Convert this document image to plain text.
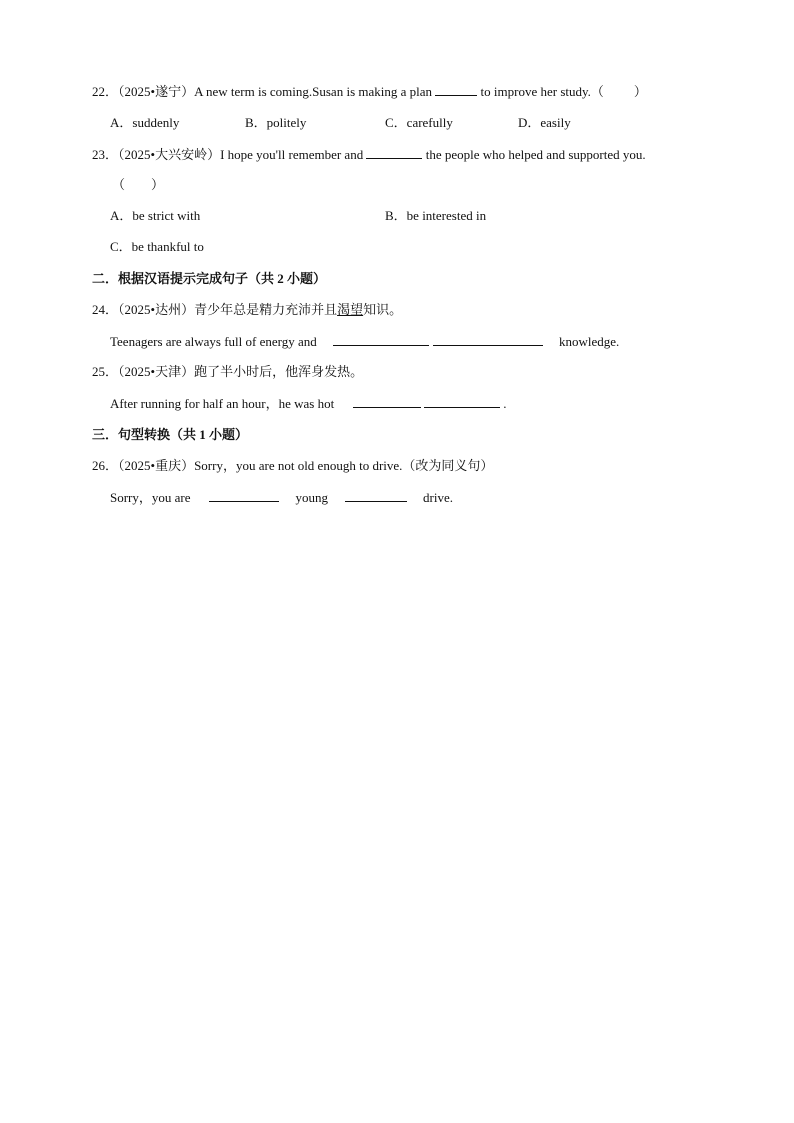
22．（2025•遂宁）A new term is coming.Susan is making a plan	to improve her study.（ ）
A．suddenly	B．politely	C．carefully	D．easily
23．（2025•大兴安岭）I hope you'll remember and	the people who helped and supported you.
（　　）
A．be strict with	B．be interested in
C．be thankful to
二．根据汉语提示完成句子（共 2 小题）
24．（2025•达州）青少年总是精力充沛并且渴望知识。
Teenagers are always full of energy and	knowledge.
25．（2025•天津）跑了半小时后，他浑身发热。
After running for half an hour，he was hot	.
三．句型转换（共 1 小题）
26．（2025•重庆）Sorry，you are not old enough to drive.（改为同义句）
Sorry，you are	young	drive.
